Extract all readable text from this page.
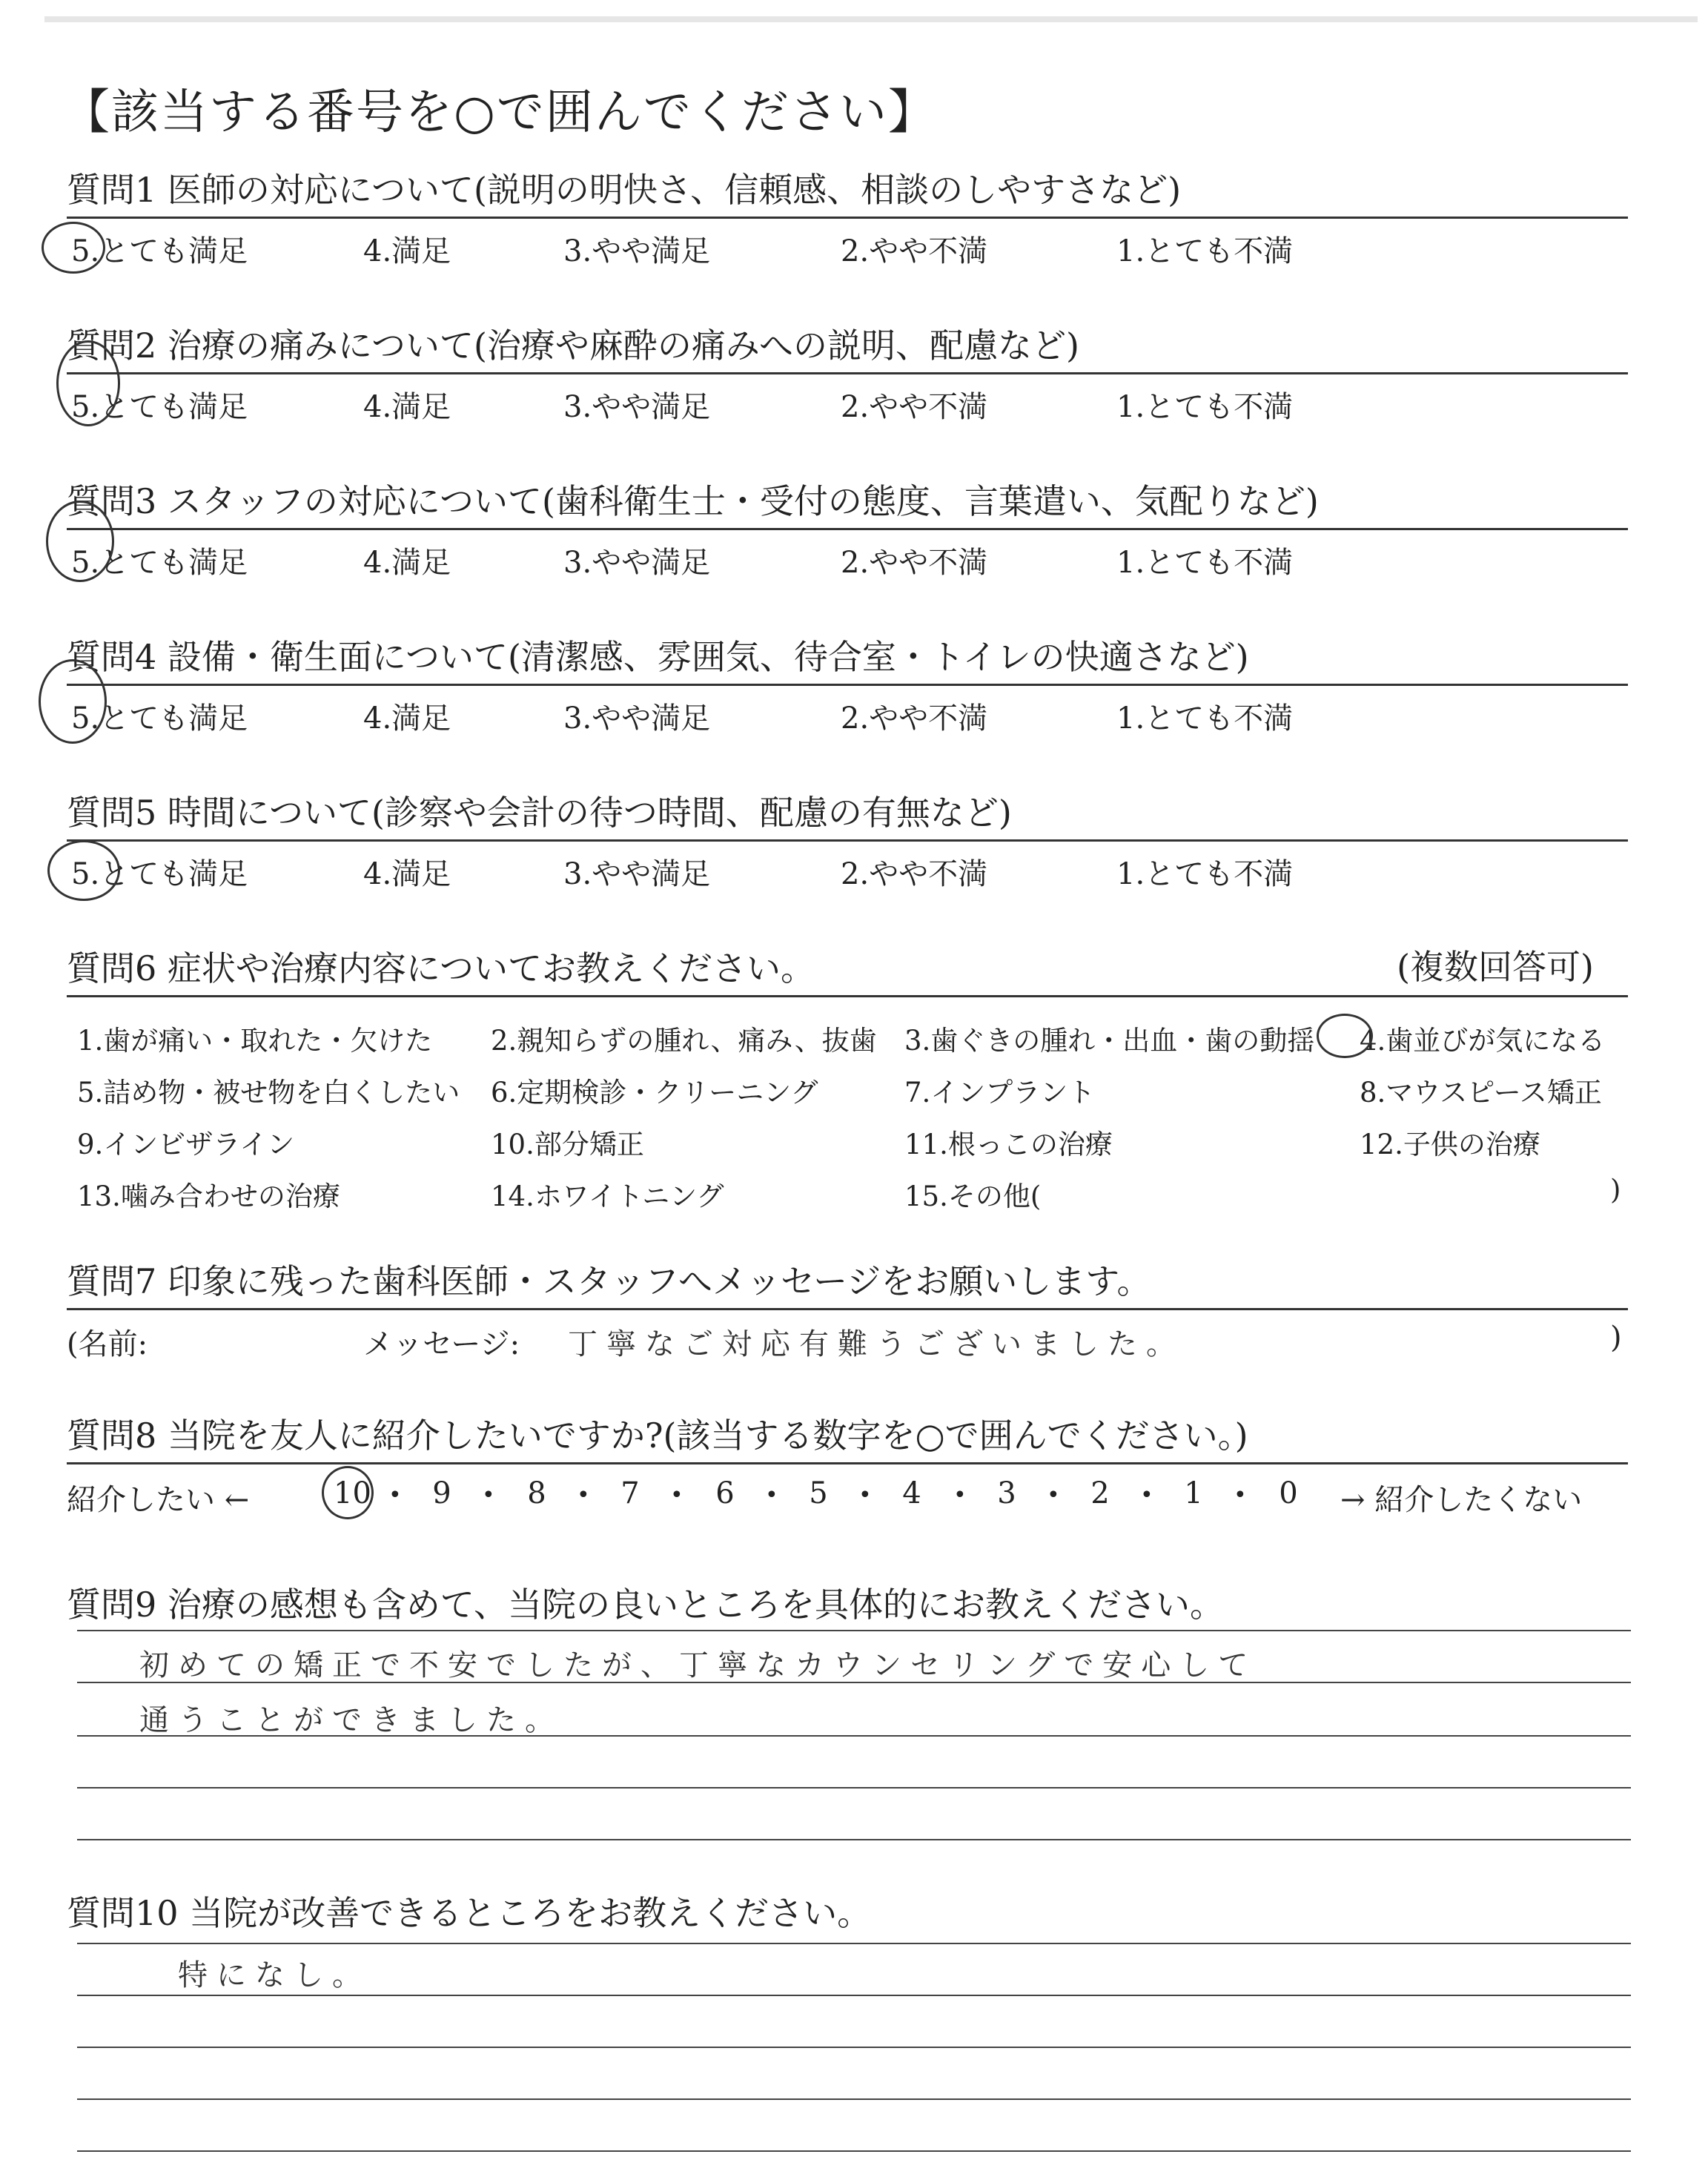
【該当する番号を○で囲んでください】
質問1 医師の対応について(説明の明快さ、信頼感、相談のしやすさなど)
5.とても満足	4.満足	3.やや満足	2.やや不満	1.とても不満
質問2 治療の痛みについて(治療や麻酔の痛みへの説明、配慮など)
5.とても満足	4.満足	3.やや満足	2.やや不満	1.とても不満
質問3 スタッフの対応について(歯科衛生士・受付の態度、言葉遣い、気配りなど)
5.とても満足	4.満足	3.やや満足	2.やや不満	1.とても不満
質問4 設備・衛生面について(清潔感、雰囲気、待合室・トイレの快適さなど)
5.とても満足	4.満足	3.やや満足	2.やや不満	1.とても不満
質問5 時間について(診察や会計の待つ時間、配慮の有無など)
5.とても満足	4.満足	3.やや満足	2.やや不満	1.とても不満
質問6 症状や治療内容についてお教えください。	(複数回答可)
1.歯が痛い・取れた・欠けた 2.親知らずの腫れ、痛み、抜歯 3.歯ぐきの腫れ・出血・歯の動揺 4.歯並びが気になる
5.詰め物・被せ物を白くしたい 6.定期検診・クリーニング	7.インプラント	8.マウスピース矯正
9.インビザライン	10.部分矯正	11.根っこの治療	12.子供の治療
13.噛み合わせの治療	14.ホワイトニング	15.その他(	)
質問7 印象に残った歯科医師・スタッフへメッセージをお願いします。
(名前:	メッセージ: 丁寧なご対応有難うございました。	)
質問8 当院を友人に紹介したいですか?(該当する数字を○で囲んでください。)
紹介したい ←	10 • 9 • 8 • 7 • 6 • 5 • 4 • 3 • 2 • 1 • 0 → 紹介したくない
質問9 治療の感想も含めて、当院の良いところを具体的にお教えください。
初めての矯正で不安でしたが、丁寧なカウンセリングで安心して
通うことができました。
質問10 当院が改善できるところをお教えください。
特になし。
